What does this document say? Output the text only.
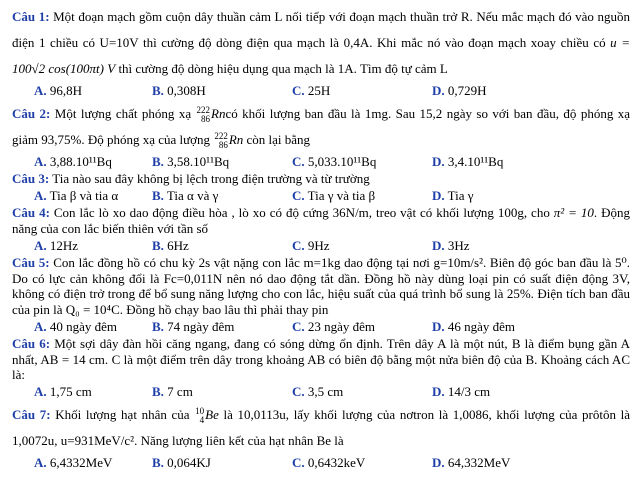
Câu 1: Một đoạn mạch gồm cuộn dây thuần cảm L nối tiếp với đoạn mạch thuần trở R. Nếu mắc mạch đó vào nguồn điện 1 chiều có U=10V thì cường độ dòng điện qua mạch là 0,4A. Khi mắc nó vào đoạn mạch xoay chiều có u = 100√2 cos(100πt) V thì cường độ dòng hiệu dụng qua mạch là 1A. Tìm độ tự cảm L

A. 96,8H	B. 0,308H	C. 25H	D. 0,729H

Câu 2: Một lượng chất phóng xạ 222
86 Rncó khối lượng ban đầu là 1mg. Sau 15,2 ngày so với ban đầu, độ phóng xạ giảm 93,75%. Độ phóng xạ của lượng 222
86 Rn còn lại bằng

A. 3,88.10¹¹Bq	B. 3,58.10¹¹Bq	C. 5,033.10¹¹Bq	D. 3,4.10¹¹Bq

Câu 3: Tia nào sau đây không bị lệch trong điện trường và từ trường

A. Tia β và tia α	B. Tia α và γ	C. Tia γ và tia β	D. Tia γ

Câu 4: Con lắc lò xo dao động điều hòa , lò xo có độ cứng 36N/m, treo vật có khối lượng 100g, cho π² = 10. Động năng của con lắc biến thiên với tần số

A. 12Hz	B. 6Hz	C. 9Hz	D. 3Hz

Câu 5: Con lắc đồng hồ có chu kỳ 2s vật nặng con lắc m=1kg dao động tại nơi g=10m/s². Biên độ góc ban đầu là 5⁰. Do có lực cản không đổi là Fc=0,011N nên nó dao động tắt dần. Đồng hồ này dùng loại pin có suất điện động 3V, không có điện trở trong để bổ sung năng lượng cho con lắc, hiệu suất của quá trình bổ sung là 25%. Điện tích ban đầu của pin là Q₀ = 10⁴C. Đồng hồ chạy bao lâu thì phải thay pin

A. 40 ngày đêm	B. 74 ngày đêm	C. 23 ngày đêm	D. 46 ngày đêm

Câu 6: Một sợi dây đàn hồi căng ngang, đang có sóng dừng ổn định. Trên dây A là một nút, B là điểm bụng gần A nhất, AB = 14 cm. C là một điểm trên dây trong khoảng AB có biên độ bằng một nửa biên độ của B. Khoảng cách AC là:

A. 1,75 cm	B. 7 cm	C. 3,5 cm	D. 14/3 cm

Câu 7: Khối lượng hạt nhân của 10
4 Be là 10,0113u, lấy khối lượng của nơtron là 1,0086, khối lượng của prôtôn là 1,0072u, u=931MeV/c². Năng lượng liên kết của hạt nhân Be là

A. 6,4332MeV	B. 0,064KJ	C. 0,6432keV	D. 64,332MeV
